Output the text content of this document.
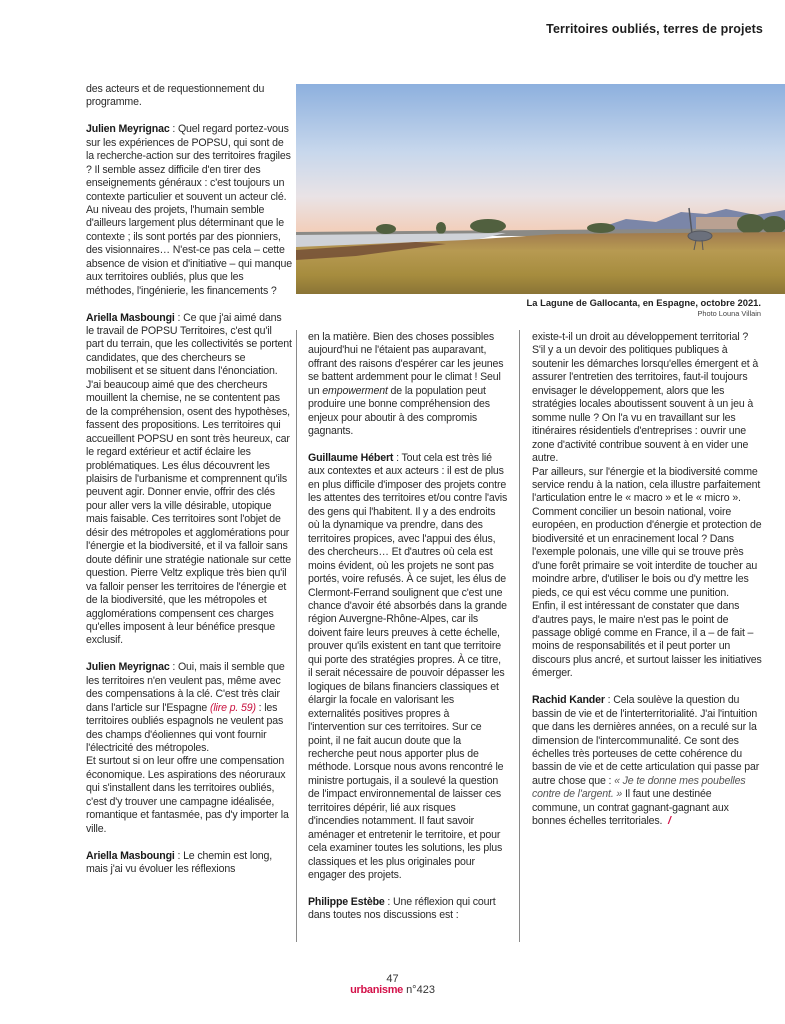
Territoires oubliés, terres de projets

des acteurs et de requestionnement du programme.

Julien Meyrignac : Quel regard portez-vous sur les expériences de POPSU, qui sont de la recherche-action sur des territoires fragiles ? Il semble assez difficile d'en tirer des enseignements généraux : c'est toujours un contexte particulier et souvent un acteur clé.

Au niveau des projets, l'humain semble d'ailleurs largement plus déterminant que le contexte ; ils sont portés par des pionniers, des visionnaires… N'est-ce pas cela – cette absence de vision et d'initiative – qui manque aux territoires oubliés, plus que les méthodes, l'ingénierie, les financements ?

Ariella Masboungi : Ce que j'ai aimé dans le travail de POPSU Territoires, c'est qu'il part du terrain, que les collectivités se portent candidates, que des chercheurs se mobilisent et se situent dans l'énonciation. J'ai beaucoup aimé que des chercheurs mouillent la chemise, ne se contentent pas de la compréhension, osent des hypothèses, fassent des propositions. Les territoires qui accueillent POPSU en sont très heureux, car le regard extérieur et actif éclaire les problématiques. Les élus découvrent les plaisirs de l'urbanisme et comprennent qu'ils peuvent agir. Donner envie, offrir des clés pour aller vers la ville désirable, utopique mais faisable. Ces territoires sont l'objet de désir des métropoles et agglomérations pour l'énergie et la biodiversité, et il va falloir sans doute définir une stratégie nationale sur cette question. Pierre Veltz explique très bien qu'il va falloir penser les territoires de l'énergie et de la biodiversité, que les métropoles et agglomérations compensent ces charges qu'elles imposent à leur bénéfice presque exclusif.

Julien Meyrignac : Oui, mais il semble que les territoires n'en veulent pas, même avec des compensations à la clé. C'est très clair dans l'article sur l'Espagne (lire p. 59) : les territoires oubliés espagnols ne veulent pas des champs d'éoliennes qui vont fournir l'électricité des métropoles.

Et surtout si on leur offre une compensation économique. Les aspirations des néoruraux qui s'installent dans les territoires oubliés, c'est d'y trouver une campagne idéalisée, romantique et fantasmée, pas d'y importer la ville.

Ariella Masboungi : Le chemin est long, mais j'ai vu évoluer les réflexions

La Lagune de Gallocanta, en Espagne, octobre 2021.
Photo Louna Villain

en la matière. Bien des choses possibles aujourd'hui ne l'étaient pas auparavant, offrant des raisons d'espérer car les jeunes se battent ardemment pour le climat ! Seul un empowerment de la population peut produire une bonne compréhension des enjeux pour aboutir à des compromis gagnants.

Guillaume Hébert : Tout cela est très lié aux contextes et aux acteurs : il est de plus en plus difficile d'imposer des projets contre les attentes des territoires et/ou contre l'avis des gens qui l'habitent. Il y a des endroits où la dynamique va prendre, dans des territoires propices, avec l'appui des élus, des chercheurs… Et d'autres où cela est moins évident, où les projets ne sont pas portés, voire refusés. À ce sujet, les élus de Clermont-Ferrand soulignent que c'est une chance d'avoir été absorbés dans la grande région Auvergne-Rhône-Alpes, car ils doivent faire leurs preuves à cette échelle, prouver qu'ils existent en tant que territoire qui porte des stratégies propres. À ce titre, il serait nécessaire de pouvoir dépasser les logiques de bilans financiers classiques et élargir la focale en valorisant les externalités positives propres à l'intervention sur ces territoires. Sur ce point, il ne fait aucun doute que la recherche peut nous apporter plus de méthode. Lorsque nous avons rencontré le ministre portugais, il a soulevé la question de l'impact environnemental de laisser ces territoires dépérir, lié aux risques d'incendies notamment. Il faut savoir aménager et entretenir le territoire, et pour cela examiner toutes les solutions, les plus classiques et les plus originales pour engager des projets.

Philippe Estèbe : Une réflexion qui court dans toutes nos discussions est :

existe-t-il un droit au développement territorial ? S'il y a un devoir des politiques publiques à soutenir les démarches lorsqu'elles émergent et à assurer l'entretien des territoires, faut-il toujours envisager le développement, alors que les stratégies locales aboutissent souvent à un jeu à somme nulle ? On l'a vu en travaillant sur les itinéraires résidentiels d'entreprises : ouvrir une zone d'activité contribue souvent à en vider une autre.

Par ailleurs, sur l'énergie et la biodiversité comme service rendu à la nation, cela illustre parfaitement l'articulation entre le « macro » et le « micro ». Comment concilier un besoin national, voire européen, en production d'énergie et protection de biodiversité et un enracinement local ? Dans l'exemple polonais, une ville qui se trouve près d'une forêt primaire se voit interdite de toucher au moindre arbre, d'utiliser le bois ou d'y mettre les pieds, ce qui est vécu comme une punition.

Enfin, il est intéressant de constater que dans d'autres pays, le maire n'est pas le point de passage obligé comme en France, il a – de fait – moins de responsabilités et il peut porter un discours plus ancré, et surtout laisser les initiatives émerger.

Rachid Kander : Cela soulève la question du bassin de vie et de l'interterritorialité. J'ai l'intuition que dans les dernières années, on a reculé sur la dimension de l'intercommunalité. Ce sont des échelles très porteuses de cette cohérence du bassin de vie et de cette articulation qui passe par autre chose que : « Je te donne mes poubelles contre de l'argent. » Il faut une destinée commune, un contrat gagnant-gagnant aux bonnes échelles territoriales. /

47
urbanisme n°423
